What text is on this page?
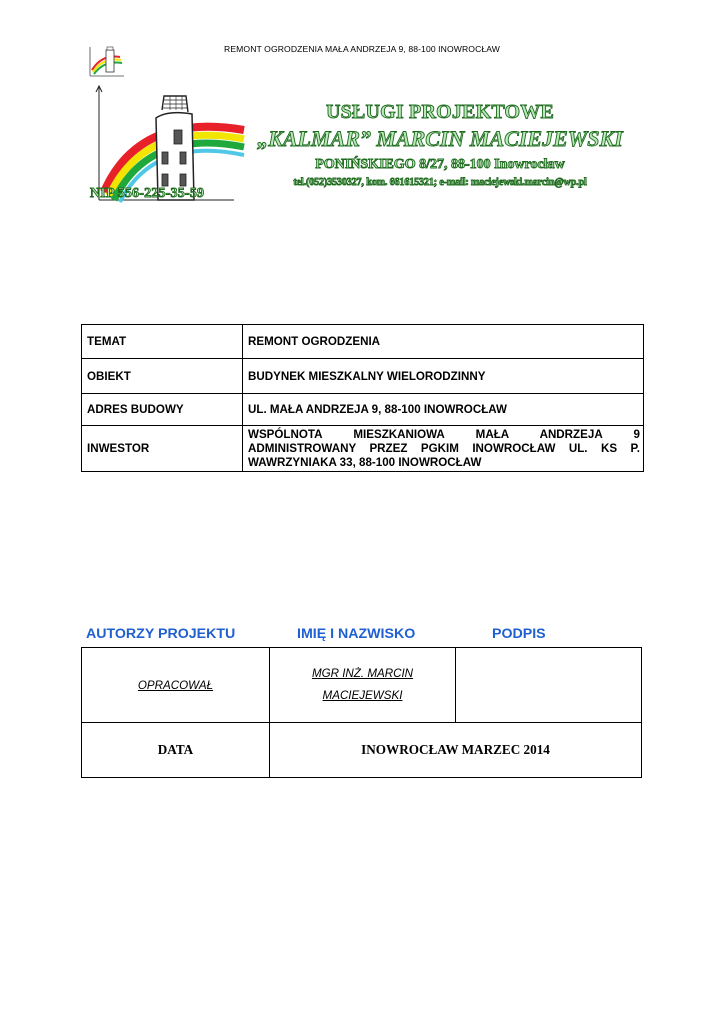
REMONT OGRODZENIA MAŁA ANDRZEJA 9, 88-100 INOWROCŁAW
USŁUGI PROJEKTOWE
„KALMAR” MARCIN MACIEJEWSKI
PONIŃSKIEGO 8/27, 88-100 Inowrocław
tel.(052)3530327, kom. 661615321; e-mail: maciejewski.marcin@wp.pl
NIP 556-225-35-59
TEMAT	REMONT OGRODZENIA
OBIEKT	BUDYNEK MIESZKALNY WIELORODZINNY
ADRES BUDOWY	UL. MAŁA ANDRZEJA 9, 88-100 INOWROCŁAW
INWESTOR	WSPÓLNOTA MIESZKANIOWA MAŁA ANDRZEJA 9
ADMINISTROWANY PRZEZ PGKIM INOWROCŁAW UL. KS P.
WAWRZYNIAKA 33, 88-100 INOWROCŁAW
AUTORZY PROJEKTU	IMIĘ I NAZWISKO	PODPIS
OPRACOWAŁ	MGR INŻ. MARCIN
MACIEJEWSKI	

DATA	INOWROCŁAW MARZEC 2014	
